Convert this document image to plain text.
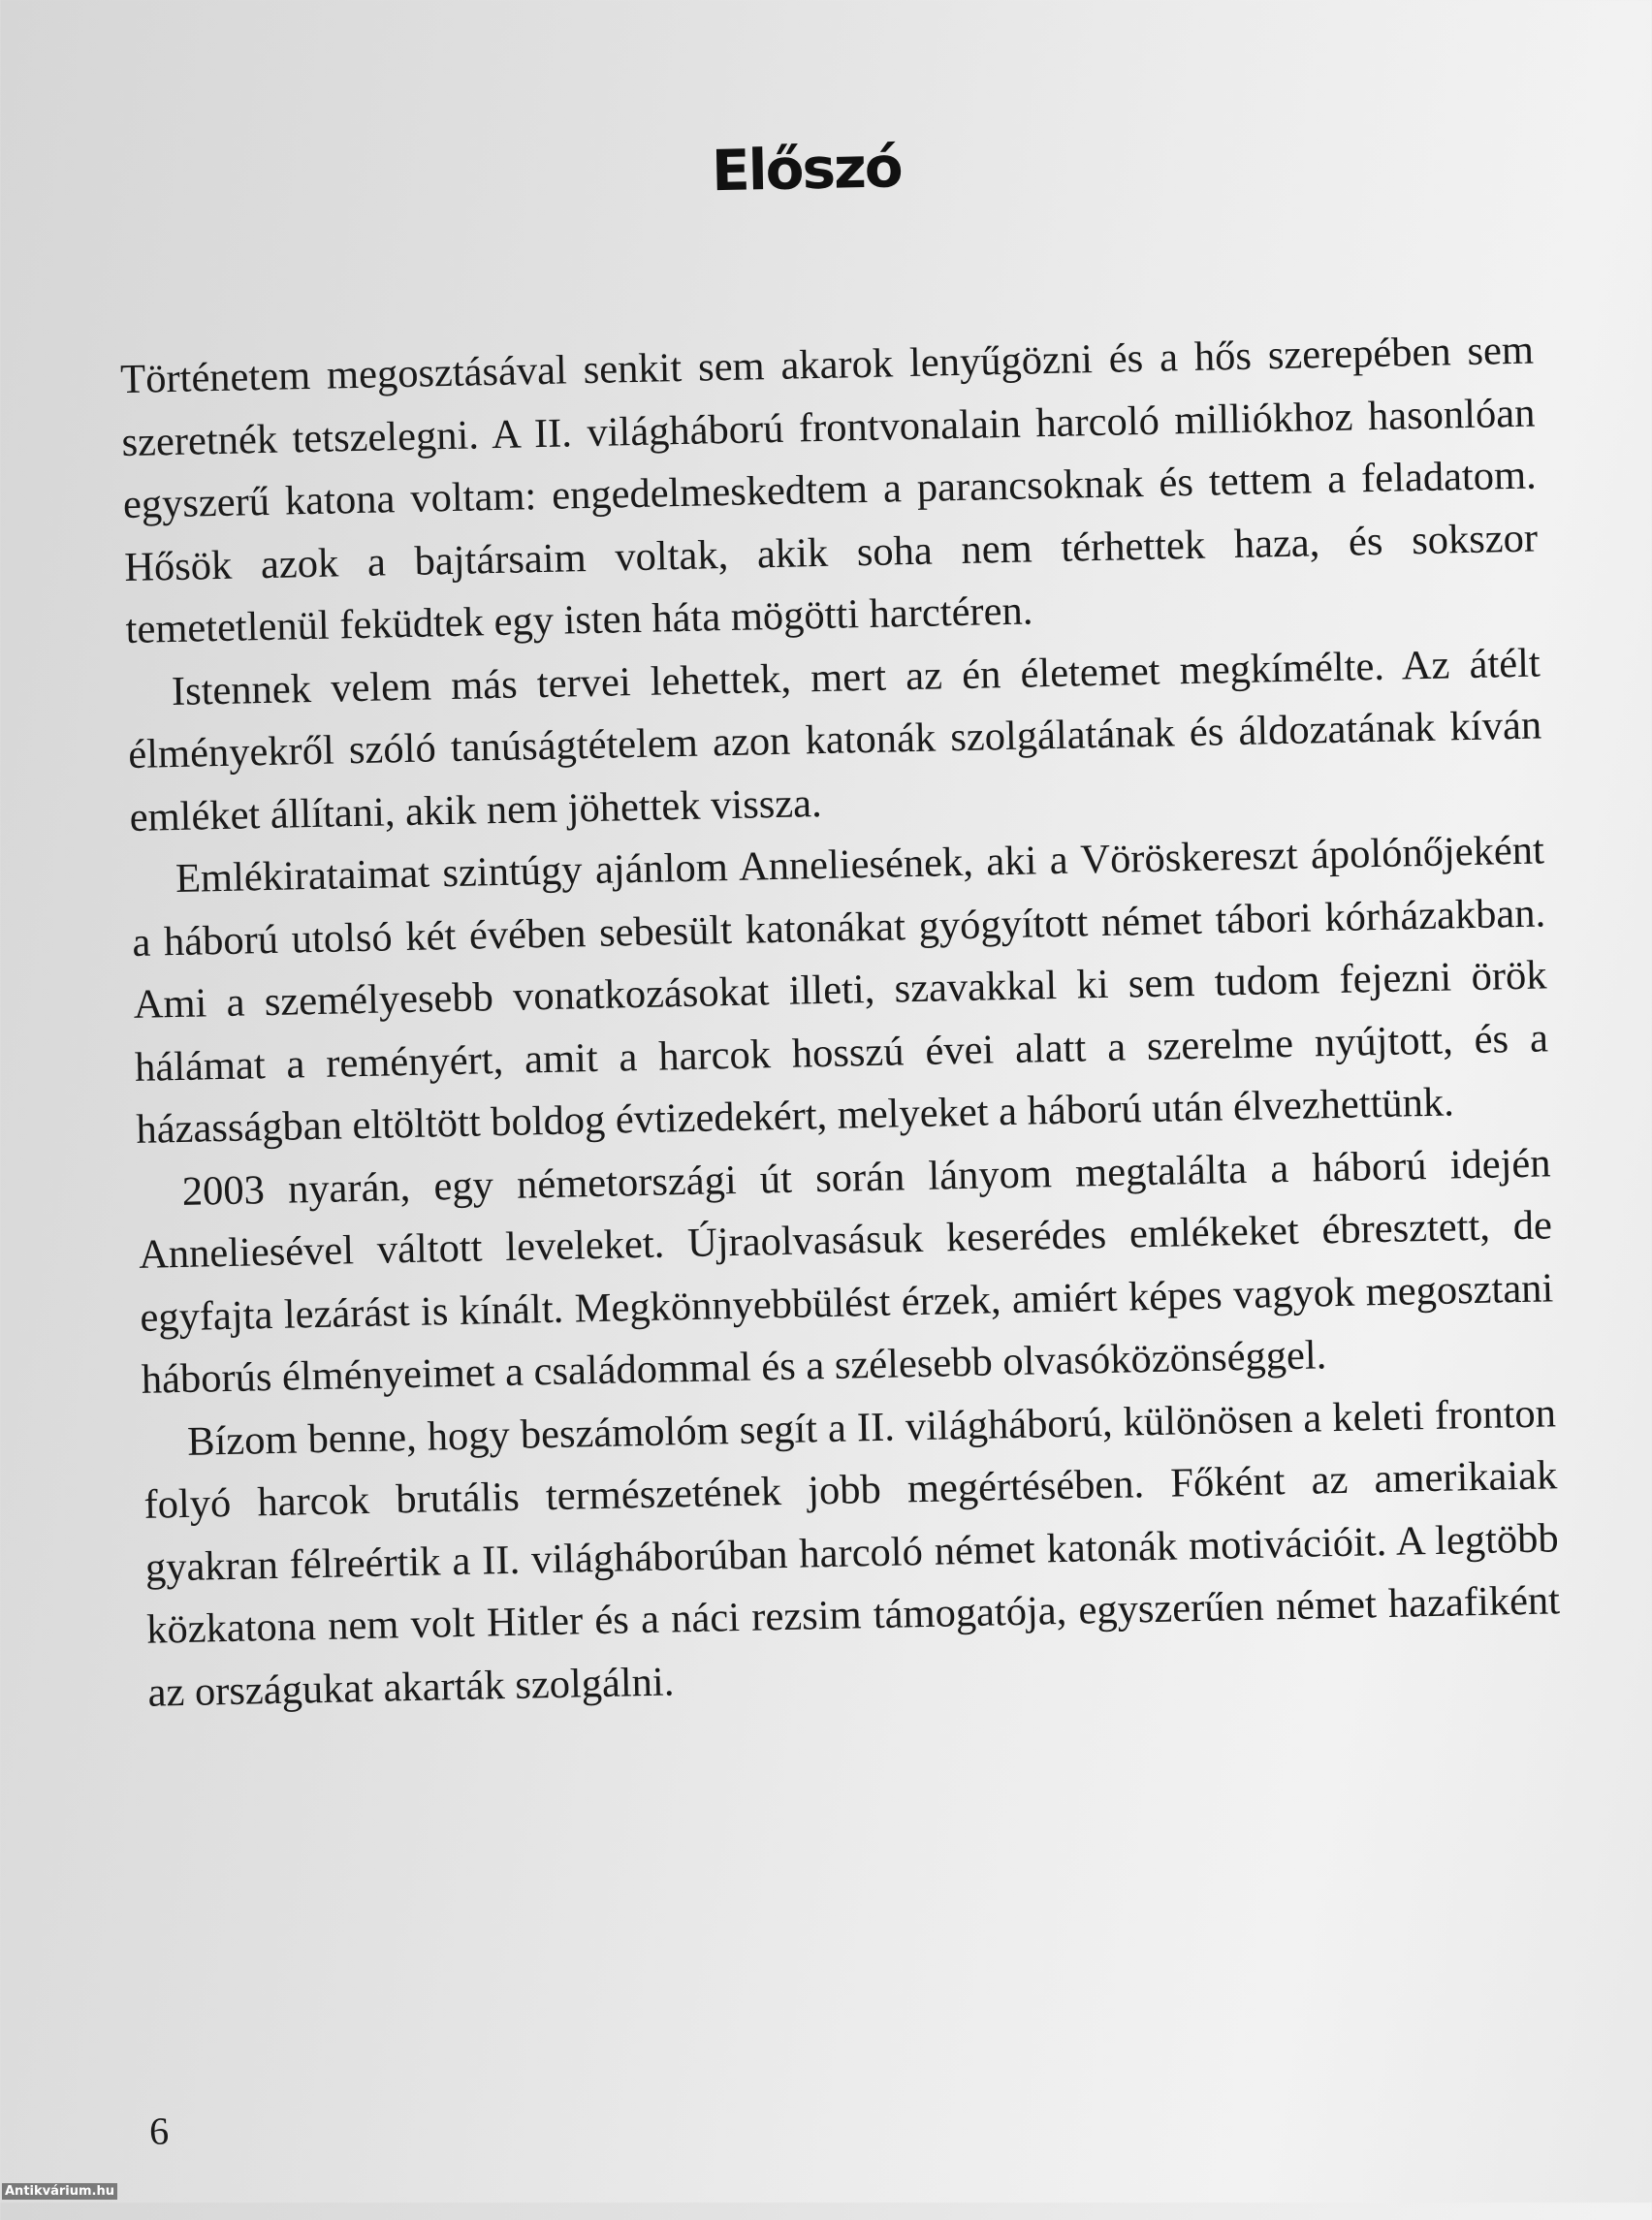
Előszó

Történetem megosztásával senkit sem akarok lenyűgözni és a hős szerepében sem szeretnék tetszelegni. A II. világháború frontvonalain harcoló milliókhoz hasonlóan egyszerű katona voltam: engedelmeskedtem a parancsoknak és tettem a feladatom. Hősök azok a bajtársaim voltak, akik soha nem térhettek haza, és sokszor temetetlenül feküdtek egy isten háta mögötti harctéren.

Istennek velem más tervei lehettek, mert az én életemet megkímélte. Az átélt élményekről szóló tanúságtételem azon katonák szolgálatának és áldozatának kíván emléket állítani, akik nem jöhettek vissza.

Emlékirataimat szintúgy ajánlom Anneliesének, aki a Vöröskereszt ápolónőjeként a háború utolsó két évében sebesült katonákat gyógyított német tábori kórházakban. Ami a személyesebb vonatkozásokat illeti, szavakkal ki sem tudom fejezni örök hálámat a reményért, amit a harcok hosszú évei alatt a szerelme nyújtott, és a házasságban eltöltött boldog évtizedekért, melyeket a háború után élvezhettünk.

2003 nyarán, egy németországi út során lányom megtalálta a háború idején Anneliesével váltott leveleket. Újraolvasásuk keserédes emlékeket ébresztett, de egyfajta lezárást is kínált. Megkönnyebbülést érzek, amiért képes vagyok megosztani háborús élményeimet a családommal és a szélesebb olvasóközönséggel.

Bízom benne, hogy beszámolóm segít a II. világháború, különösen a keleti fronton folyó harcok brutális természetének jobb megértésében. Főként az amerikaiak gyakran félreértik a II. világháborúban harcoló német katonák motivációit. A legtöbb közkatona nem volt Hitler és a náci rezsim támogatója, egyszerűen német hazafiként az országukat akarták szolgálni.

6
Antikvárium.hu
